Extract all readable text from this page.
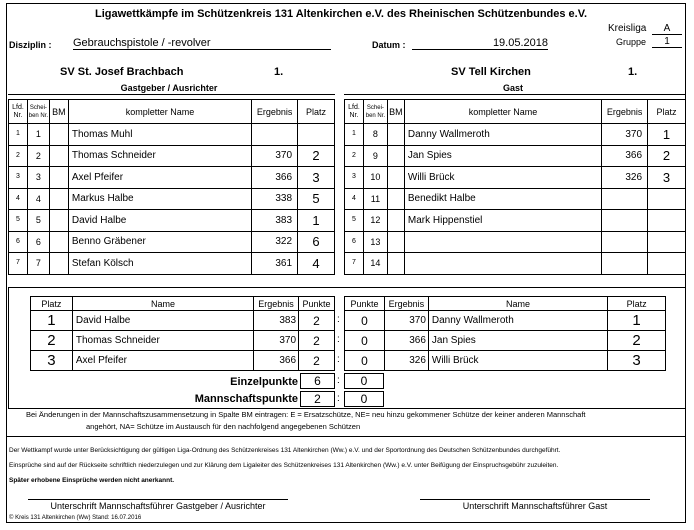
Ligawettkämpfe im Schützenkreis 131 Altenkirchen e.V. des Rheinischen Schützenbundes e.V.
Kreisliga	A
Gruppe	1
Disziplin : Gebrauchspistole / -revolver	Datum :	19.05.2018
SV St. Josef Brachbach	1.
Gastgeber / Ausrichter
SV Tell Kirchen	1.
Gast
Lfd. Nr.	Schei- ben Nr.	BM	kompletter Name	Ergebnis	Platz

1	1		Thomas Muhl		

2	2		Thomas Schneider	370	2

3	3		Axel Pfeifer	366	3

4	4		Markus Halbe	338	5

5	5		David Halbe	383	1

6	6		Benno Gräbener	322	6

7	7		Stefan Kölsch	361	4
Lfd. Nr.	Schei- ben Nr.	BM	kompletter Name	Ergebnis	Platz

1	8		Danny Wallmeroth	370	1

2	9		Jan Spies	366	2

3	10		Willi Brück	326	3

4	11		Benedikt Halbe		

5	12		Mark Hippenstiel		

6	13				

7	14				

Platz	Name	Ergebnis	Punkte

1	David Halbe	383	2

2	Thomas Schneider	370	2

3	Axel Pfeifer	366	2
Punkte	Ergebnis	Name	Platz

0	370	Danny Wallmeroth	1

0	366	Jan Spies	2

0	326	Willi Brück	3
:
:
:
Einzelpunkte	6	:	0
Mannschaftspunkte	2	:	0
Bei Änderungen in der Mannschaftszusammensetzung in Spalte BM eintragen: E = Ersatzschütze, NE= neu hinzu gekommener Schütze der keiner anderen Mannschaft
angehört, NA= Schütze im Austausch für den nachfolgend angegebenen Schützen
Der Wettkampf wurde unter Berücksichtigung der gültigen Liga-Ordnung des Schützenkreises 131 Altenkirchen (Ww.) e.V. und der Sportordnung des Deutschen Schützenbundes durchgeführt.
Einsprüche sind auf der Rückseite schriftlich niederzulegen und zur Klärung dem Ligaleiter des Schützenkreises 131 Altenkirchen (Ww.) e.V. unter Beifügung der Einspruchsgebühr zuzuleiten.
Später erhobene Einsprüche werden nicht anerkannt.
Unterschrift Mannschaftsführer Gastgeber / Ausrichter	Unterschrift Mannschaftsführer Gast
© Kreis 131 Altenkirchen (Ww) Stand: 16.07.2016
